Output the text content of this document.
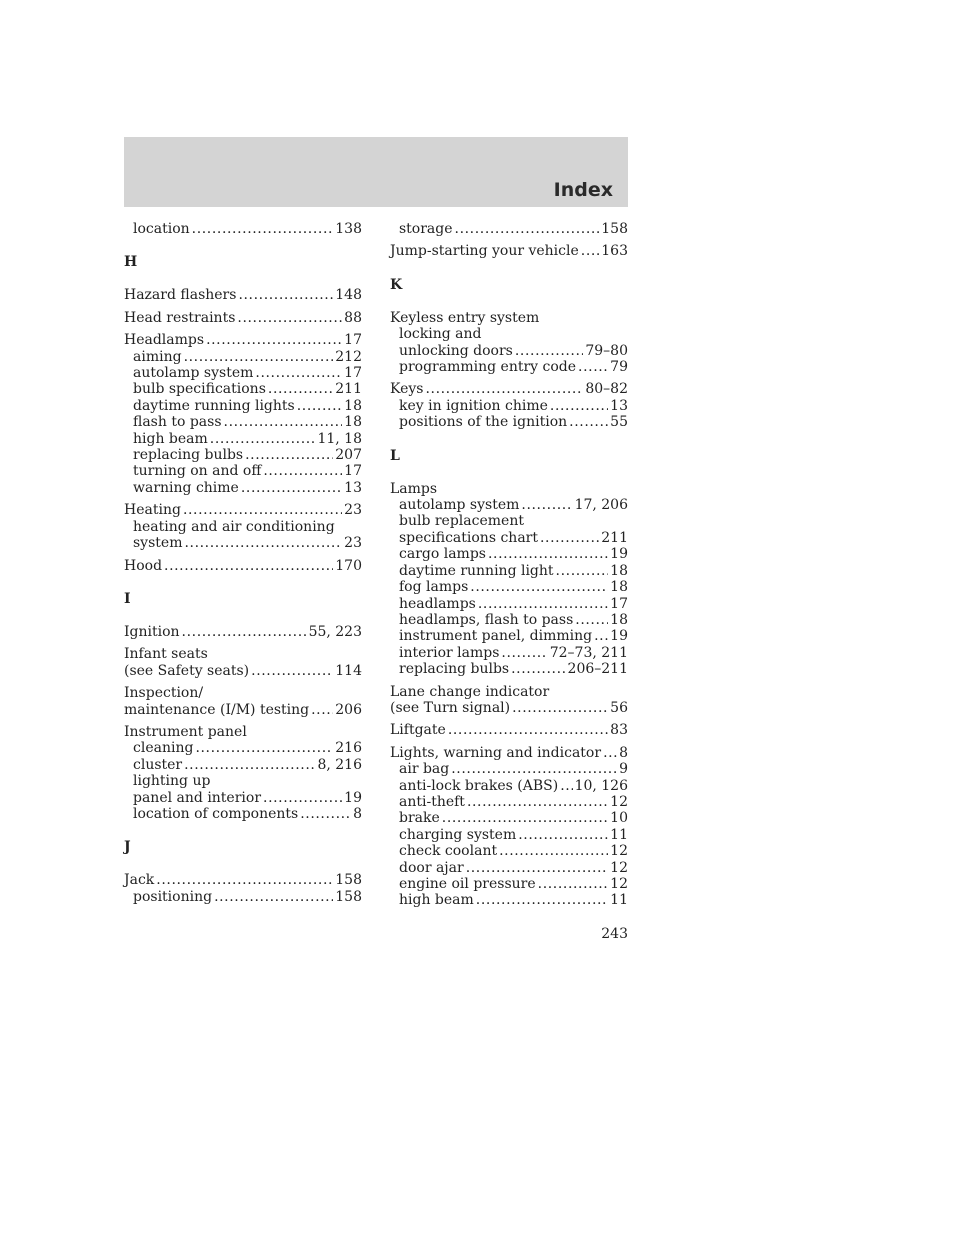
Index
location .....	138
H
Hazard flashers .....	148
Head restraints .....	88
Headlamps .....	17
aiming .....	212
autolamp system .....	17
bulb specifications .....	211
daytime running lights .....	18
flash to pass .....	18
high beam .....	11, 18
replacing bulbs .....	207
turning on and off .....	17
warning chime .....	13
Heating .....	23
heating and air conditioning
system .....	23
Hood .....	170
I
Ignition .....	55, 223
Infant seats
(see Safety seats) .....	114
Inspection/
maintenance (I/M) testing ..... 206
Instrument panel
cleaning .....	216
cluster .....	8, 216
lighting up
panel and interior .....	19
location of components .....	8
J
Jack .....	158
positioning .....	158
storage .....	158
Jump-starting your vehicle ..... 163
K
Keyless entry system
locking and
unlocking doors .....	79–80
programming entry code ..... 79
Keys .....	80–82
key in ignition chime .....	13
positions of the ignition .....	55
L
Lamps
autolamp system .....	17, 206
bulb replacement
specifications chart .....	211
cargo lamps .....	19
daytime running light .....	18
fog lamps .....	18
headlamps .....	17
headlamps, flash to pass .....	18
instrument panel, dimming ..... 19
interior lamps .....	72–73, 211
replacing bulbs .....	206–211
Lane change indicator
(see Turn signal) .....	56
Liftgate .....	83
Lights, warning and indicator ..... 8
air bag .....	9
anti-lock brakes (ABS) ..... 10, 126
anti-theft .....	12
brake .....	10
charging system .....	11
check coolant .....	12
door ajar .....	12
engine oil pressure .....	12
high beam .....	11
243
